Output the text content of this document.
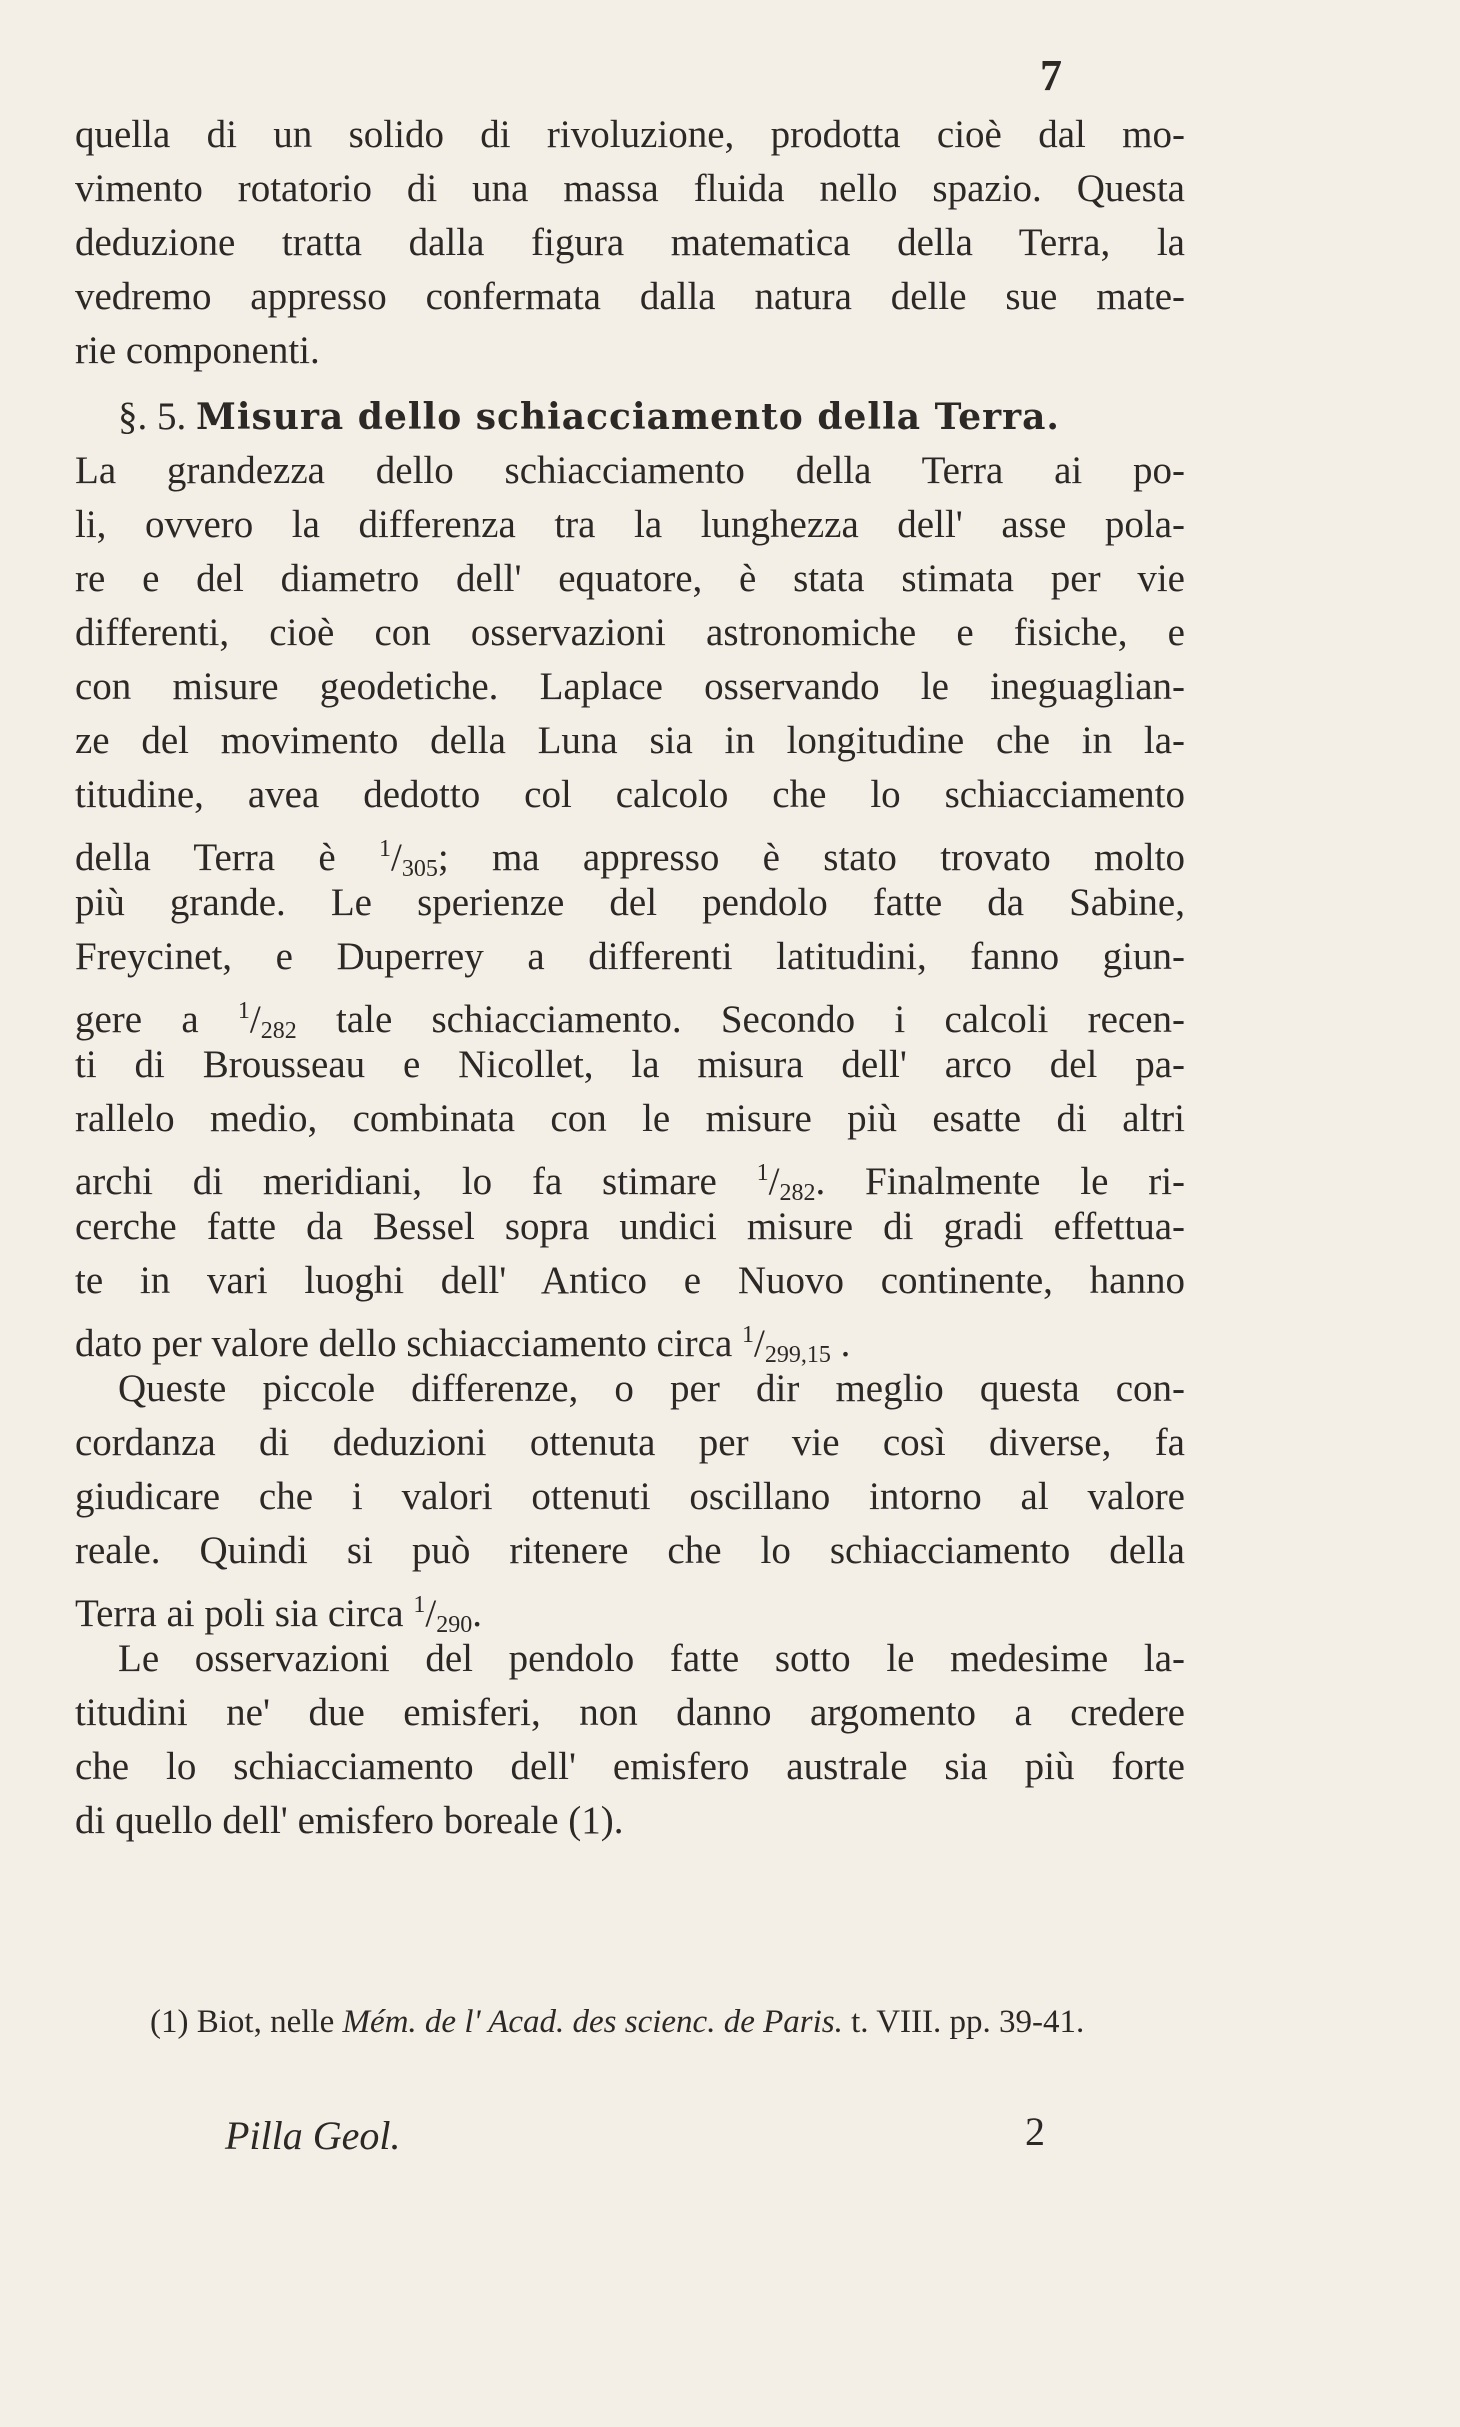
7
quella di un solido di rivoluzione, prodotta cioè dal mo-
vimento rotatorio di una massa fluida nello spazio. Questa
deduzione tratta dalla figura matematica della Terra, la
vedremo appresso confermata dalla natura delle sue mate-
rie componenti.
§. 5. Misura dello schiacciamento della Terra.
La grandezza dello schiacciamento della Terra ai po-
li, ovvero la differenza tra la lunghezza dell' asse pola-
re e del diametro dell' equatore, è stata stimata per vie
differenti, cioè con osservazioni astronomiche e fisiche, e
con misure geodetiche. Laplace osservando le ineguaglian-
ze del movimento della Luna sia in longitudine che in la-
titudine, avea dedotto col calcolo che lo schiacciamento
della Terra è $^1/_{305}$; ma appresso è stato trovato molto
più grande. Le sperienze del pendolo fatte da Sabine,
Freycinet, e Duperrey a differenti latitudini, fanno giun-
gere a $^1/_{282}$ tale schiacciamento. Secondo i calcoli recen-
ti di Brousseau e Nicollet, la misura dell' arco del pa-
rallelo medio, combinata con le misure più esatte di altri
archi di meridiani, lo fa stimare $^1/_{282}$. Finalmente le ri-
cerche fatte da Bessel sopra undici misure di gradi effettua-
te in vari luoghi dell' Antico e Nuovo continente, hanno
dato per valore dello schiacciamento circa $^1/_{299,15}$ .
Queste piccole differenze, o per dir meglio questa con-
cordanza di deduzioni ottenuta per vie così diverse, fa
giudicare che i valori ottenuti oscillano intorno al valore
reale. Quindi si può ritenere che lo schiacciamento della
Terra ai poli sia circa $^1/_{290}$.
Le osservazioni del pendolo fatte sotto le medesime la-
titudini ne' due emisferi, non danno argomento a credere
che lo schiacciamento dell' emisfero australe sia più forte
di quello dell' emisfero boreale (1).
(1) Biot, nelle Mém. de l' Acad. des scienc. de Paris. t. VIII. pp. 39-41.
Pilla Geol.	2
